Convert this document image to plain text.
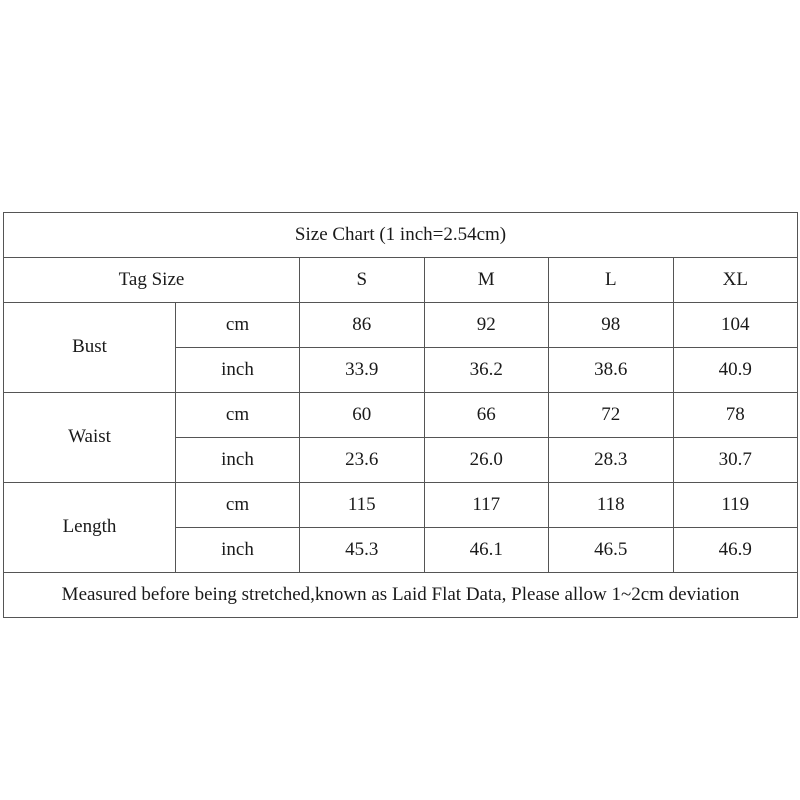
Size Chart (1 inch=2.54cm)					
Tag Size		S	M	L	XL
Bust	cm	86	92	98	104
	inch	33.9	36.2	38.6	40.9
Waist	cm	60	66	72	78
	inch	23.6	26.0	28.3	30.7
Length	cm	115	117	118	119
	inch	45.3	46.1	46.5	46.9
Measured before being stretched,known as Laid Flat Data, Please allow 1~2cm deviation					
